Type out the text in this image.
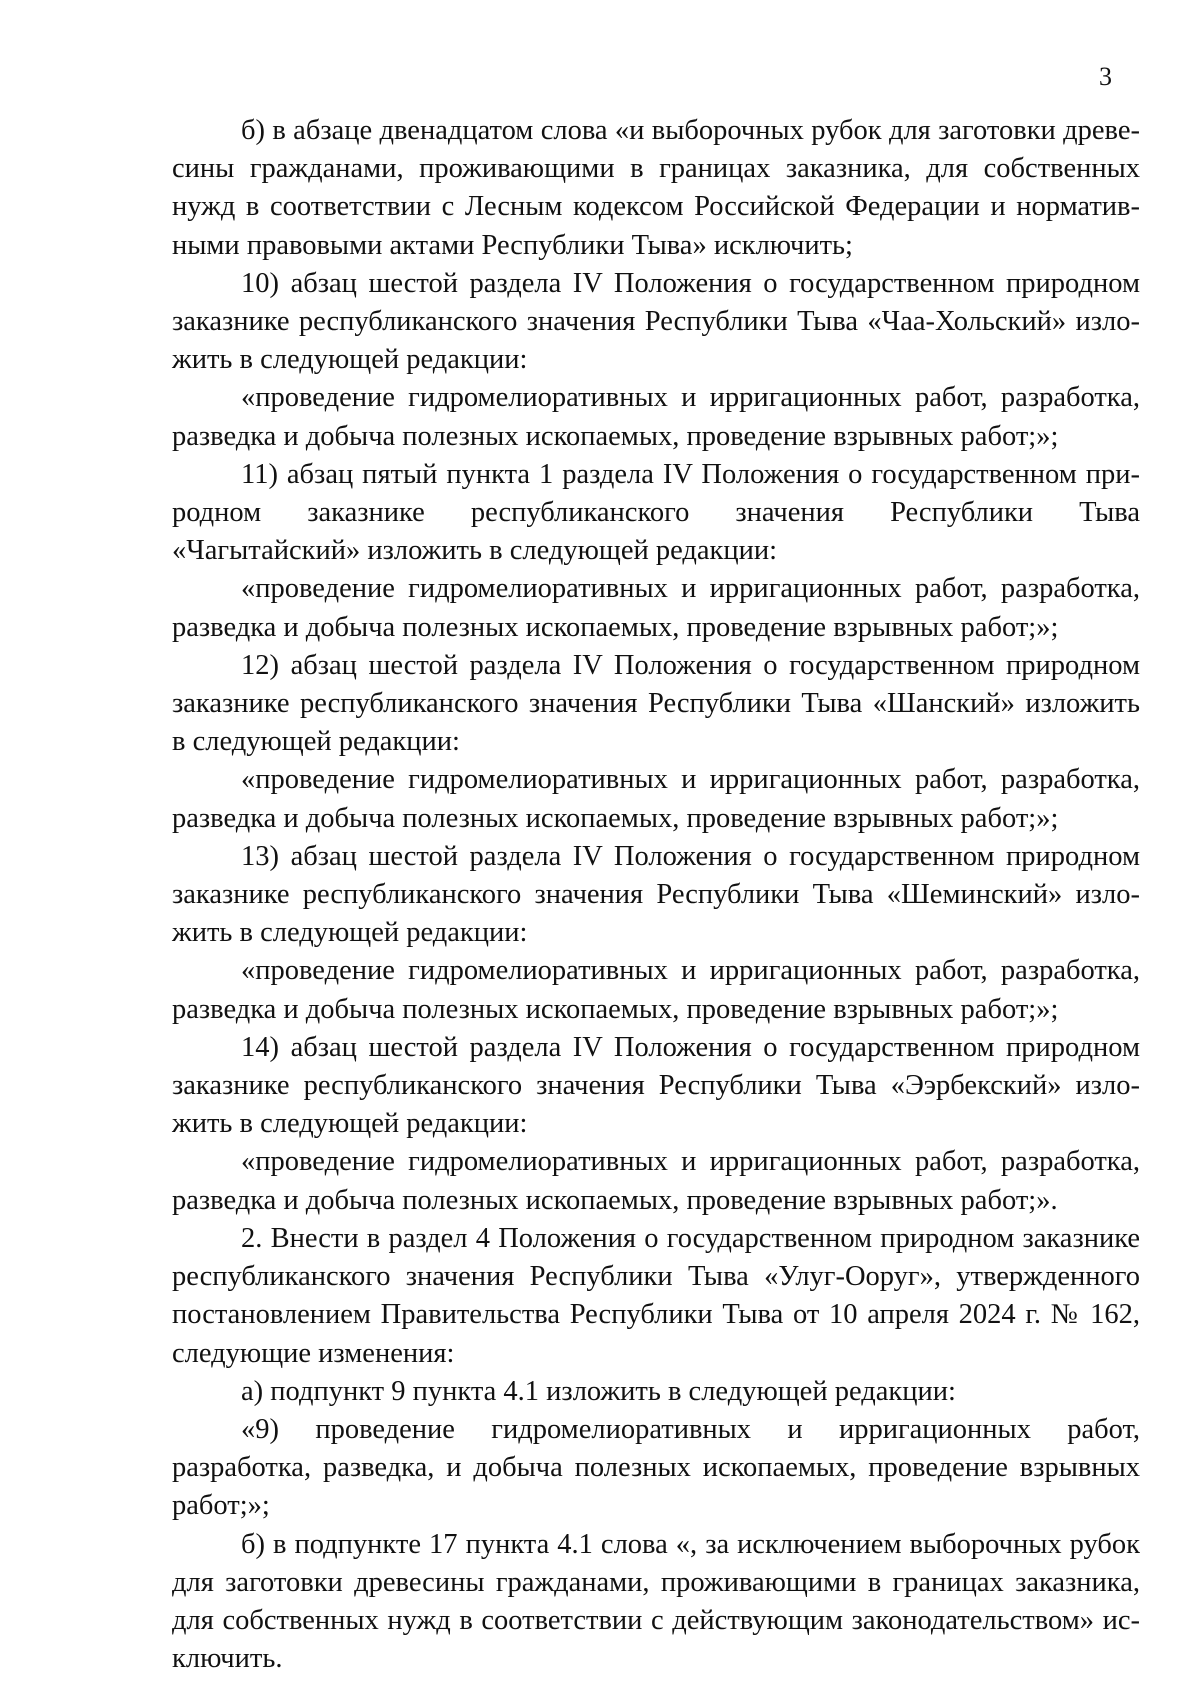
3

б) в абзаце двенадцатом слова «и выборочных рубок для заготовки древесины гражданами, проживающими в границах заказника, для собственных нужд в соответствии с Лесным кодексом Российской Федерации и нормативными правовыми актами Республики Тыва» исключить;

10) абзац шестой раздела IV Положения о государственном природном заказнике республиканского значения Республики Тыва «Чаа-Хольский» изложить в следующей редакции:

«проведение гидромелиоративных и ирригационных работ, разработка, разведка и добыча полезных ископаемых, проведение взрывных работ;»;

11) абзац пятый пункта 1 раздела IV Положения о государственном природном заказнике республиканского значения Республики Тыва «Чагытайский» изложить в следующей редакции:

«проведение гидромелиоративных и ирригационных работ, разработка, разведка и добыча полезных ископаемых, проведение взрывных работ;»;

12) абзац шестой раздела IV Положения о государственном природном заказнике республиканского значения Республики Тыва «Шанский» изложить в следующей редакции:

«проведение гидромелиоративных и ирригационных работ, разработка, разведка и добыча полезных ископаемых, проведение взрывных работ;»;

13) абзац шестой раздела IV Положения о государственном природном заказнике республиканского значения Республики Тыва «Шеминский» изложить в следующей редакции:

«проведение гидромелиоративных и ирригационных работ, разработка, разведка и добыча полезных ископаемых, проведение взрывных работ;»;

14) абзац шестой раздела IV Положения о государственном природном заказнике республиканского значения Республики Тыва «Ээрбекский» изложить в следующей редакции:

«проведение гидромелиоративных и ирригационных работ, разработка, разведка и добыча полезных ископаемых, проведение взрывных работ;».

2. Внести в раздел 4 Положения о государственном природном заказнике республиканского значения Республики Тыва «Улуг-Ооруг», утвержденного постановлением Правительства Республики Тыва от 10 апреля 2024 г. № 162, следующие изменения:

а) подпункт 9 пункта 4.1 изложить в следующей редакции:

«9) проведение гидромелиоративных и ирригационных работ, разработка, разведка, и добыча полезных ископаемых, проведение взрывных работ;»;

б) в подпункте 17 пункта 4.1 слова «, за исключением выборочных рубок для заготовки древесины гражданами, проживающими в границах заказника, для собственных нужд в соответствии с действующим законодательством» исключить.
